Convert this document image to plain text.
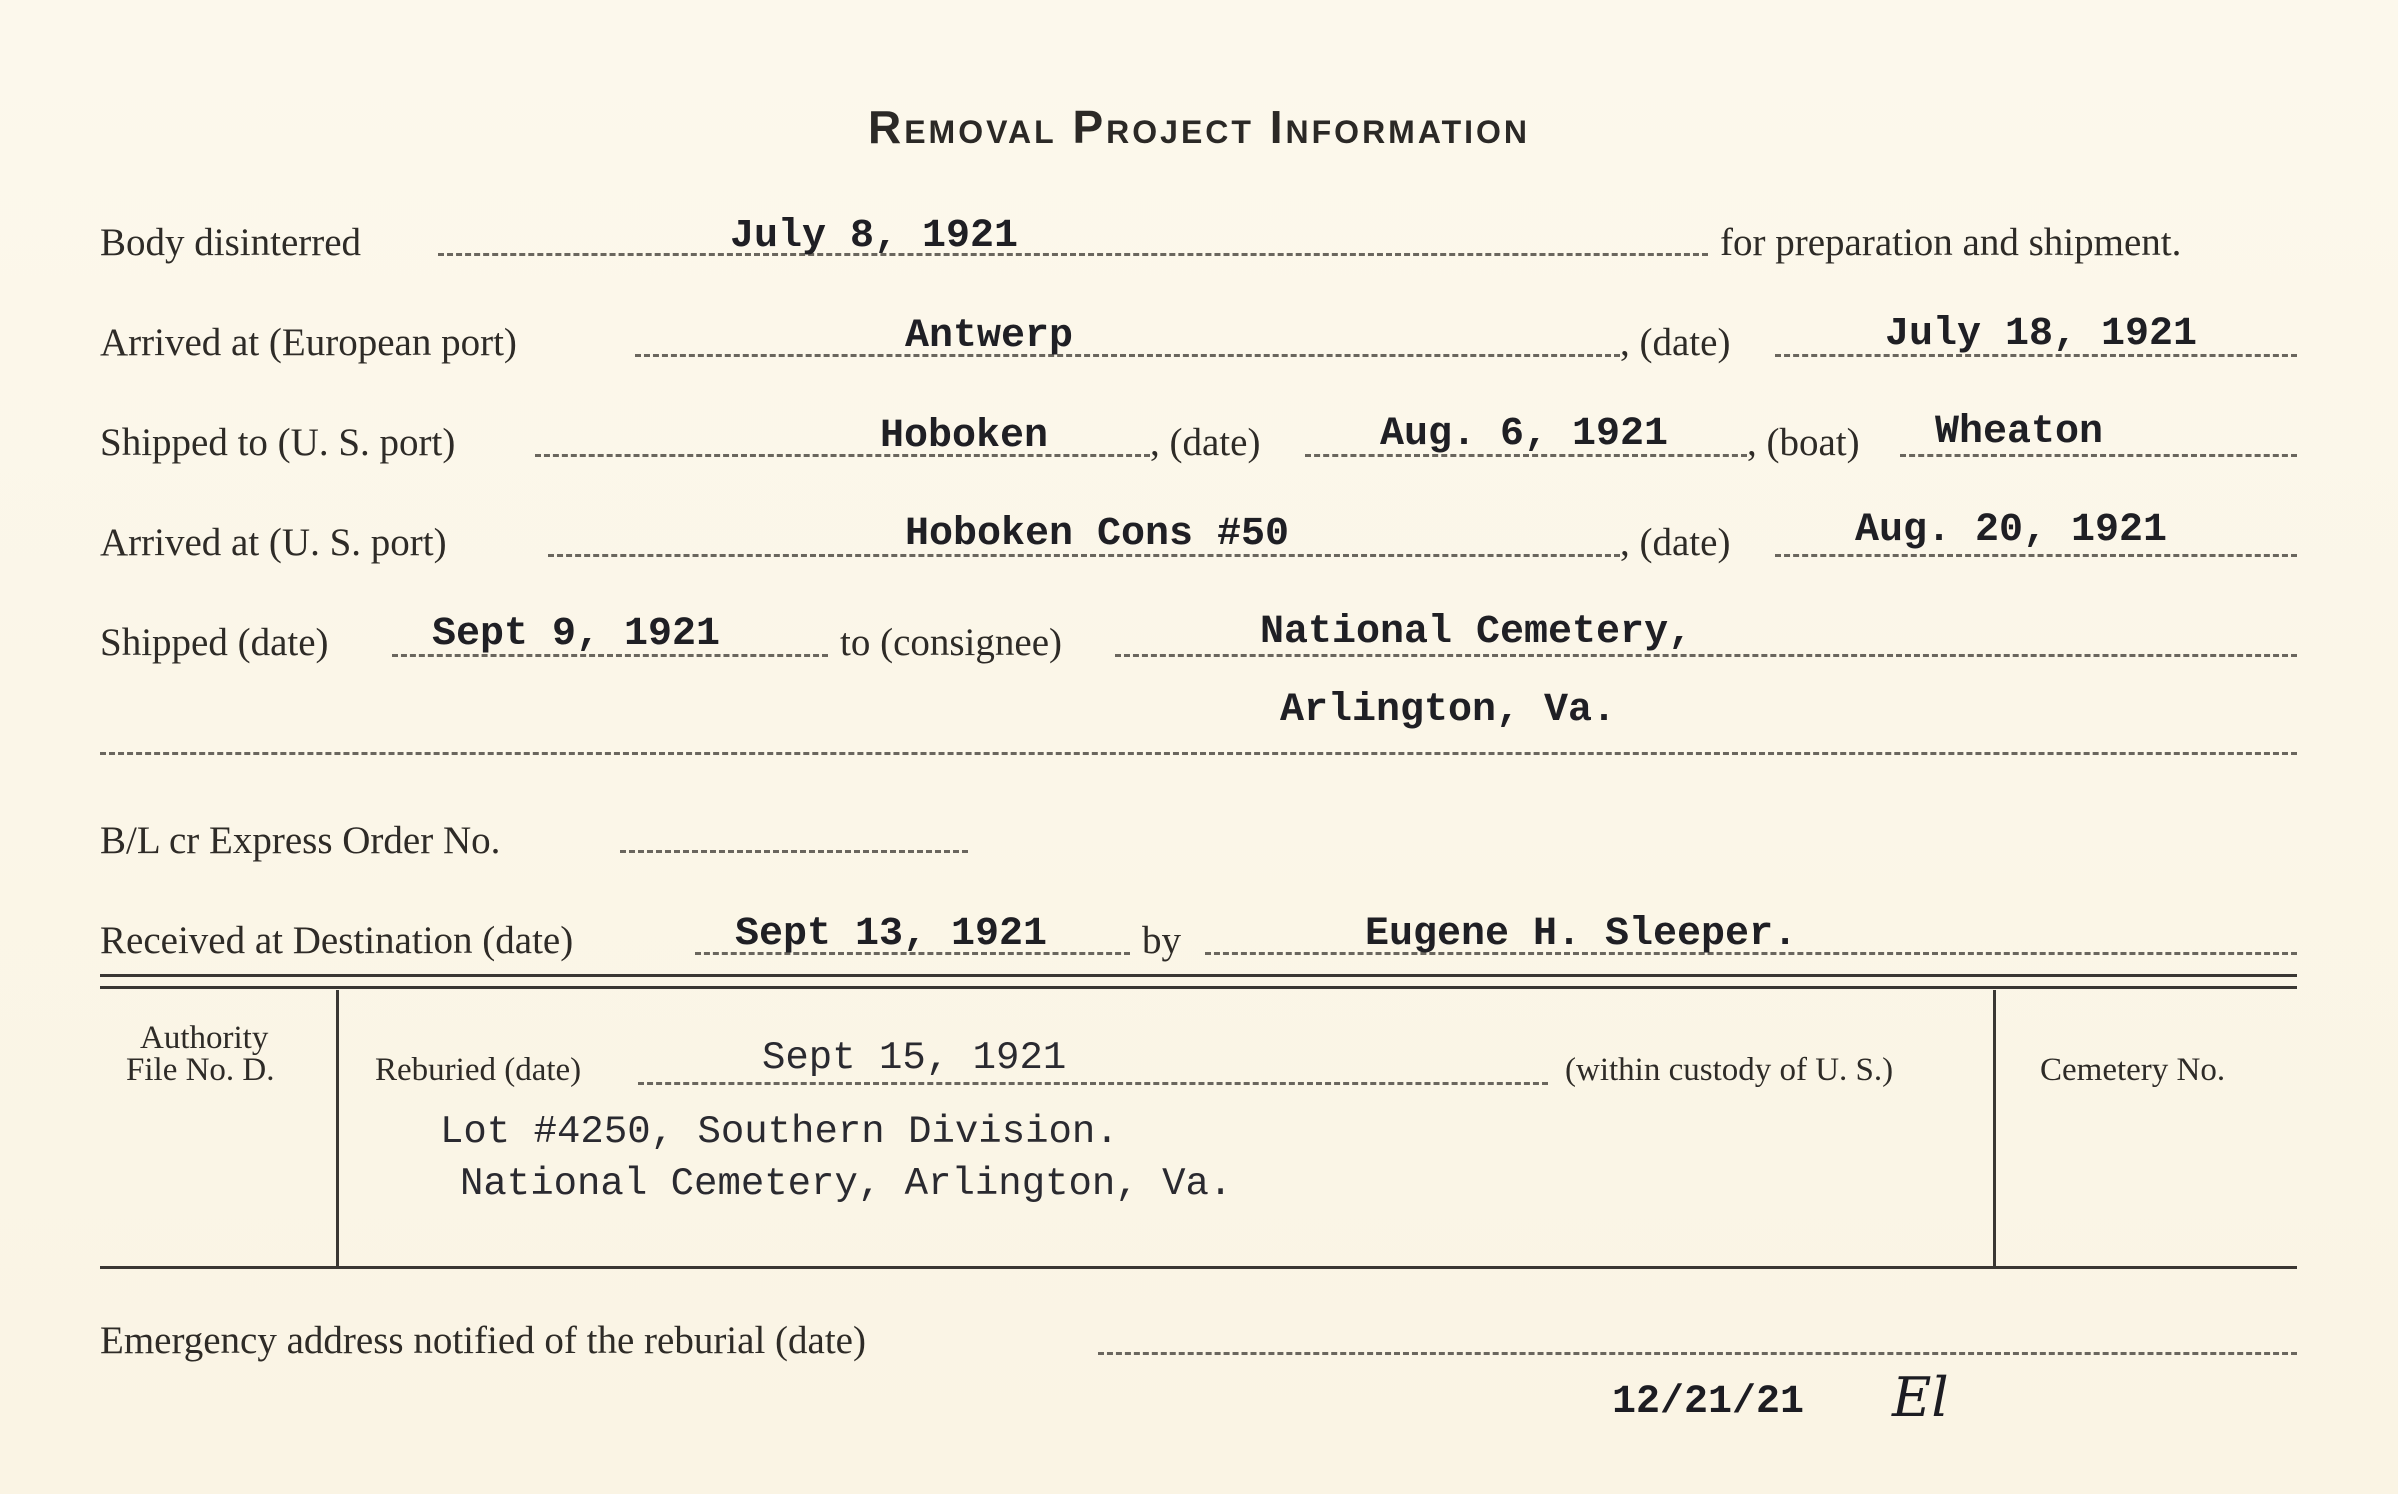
Removal Project Information
Body disinterred	July 8, 1921	for preparation and shipment.
Arrived at (European port)	Antwerp	, (date)	July 18, 1921
Shipped to (U. S. port)	Hoboken	, (date)	Aug. 6, 1921 , (boat) Wheaton
Arrived at (U. S. port)	Hoboken Cons #50	, (date)	Aug. 20, 1921
Shipped (date)	Sept 9, 1921	to (consignee)	National Cemetery,
Arlington, Va.
B/L cr Express Order No.
Received at Destination (date)	Sept 13, 1921 by	Eugene H. Sleeper.
Authority
File No. D.	Reburied (date)	Sept 15, 1921	(within custody of U. S.)
Lot #4250, Southern Division.
National Cemetery, Arlington, Va.
Cemetery No.
Emergency address notified of the reburial (date)
12/21/21 El
